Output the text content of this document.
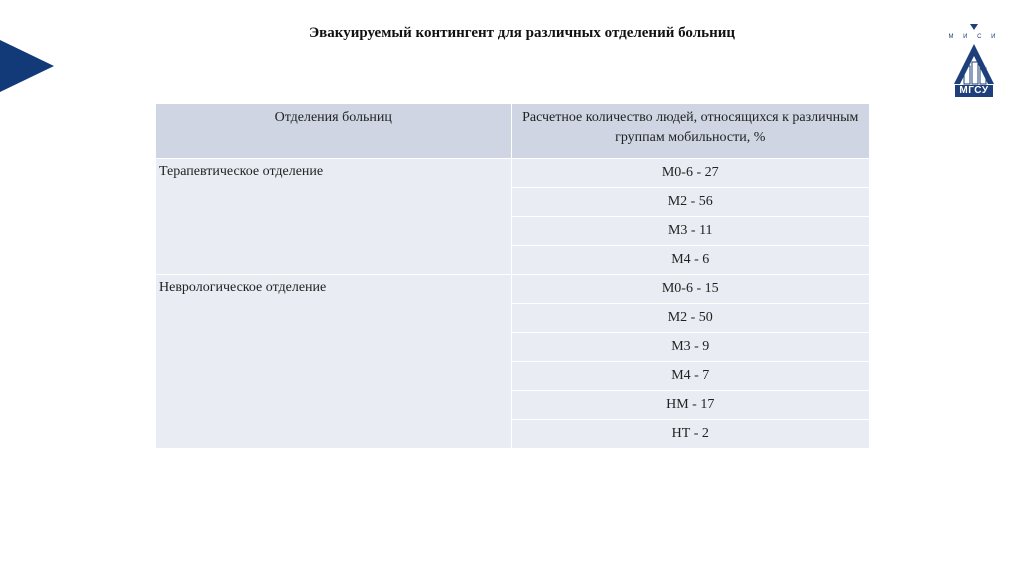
Эвакуируемый контингент для различных отделений больниц	М И С И
МГСУ
Отделения больниц	Расчетное количество людей, относящихся к различным группам мобильности, %
Терапевтическое отделение	М0-6 - 27
	М2 - 56
	М3 - 11
	М4 - 6
Неврологическое отделение	М0-6 - 15
	М2 - 50
	М3 - 9
	М4 - 7
	НМ - 17
	НТ - 2
